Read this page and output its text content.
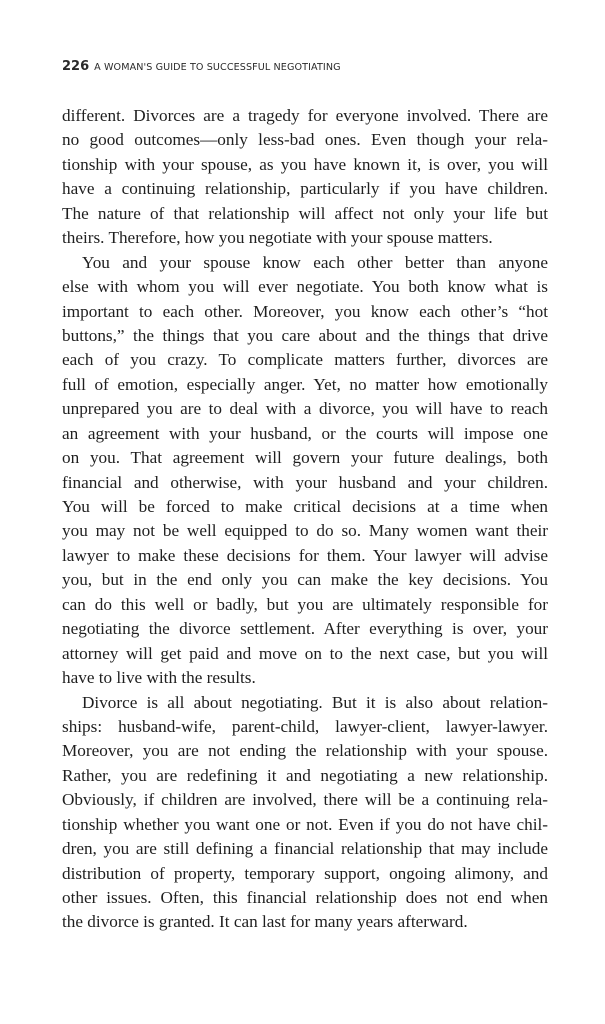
226 A WOMAN'S GUIDE TO SUCCESSFUL NEGOTIATING
different. Divorces are a tragedy for everyone involved. There are
no good outcomes—only less-bad ones. Even though your rela-
tionship with your spouse, as you have known it, is over, you will
have a continuing relationship, particularly if you have children.
The nature of that relationship will affect not only your life but
theirs. Therefore, how you negotiate with your spouse matters.
You and your spouse know each other better than anyone
else with whom you will ever negotiate. You both know what is
important to each other. Moreover, you know each other’s “hot
buttons,” the things that you care about and the things that drive
each of you crazy. To complicate matters further, divorces are
full of emotion, especially anger. Yet, no matter how emotionally
unprepared you are to deal with a divorce, you will have to reach
an agreement with your husband, or the courts will impose one
on you. That agreement will govern your future dealings, both
financial and otherwise, with your husband and your children.
You will be forced to make critical decisions at a time when
you may not be well equipped to do so. Many women want their
lawyer to make these decisions for them. Your lawyer will advise
you, but in the end only you can make the key decisions. You
can do this well or badly, but you are ultimately responsible for
negotiating the divorce settlement. After everything is over, your
attorney will get paid and move on to the next case, but you will
have to live with the results.
Divorce is all about negotiating. But it is also about relation-
ships: husband-wife, parent-child, lawyer-client, lawyer-lawyer.
Moreover, you are not ending the relationship with your spouse.
Rather, you are redefining it and negotiating a new relationship.
Obviously, if children are involved, there will be a continuing rela-
tionship whether you want one or not. Even if you do not have chil-
dren, you are still defining a financial relationship that may include
distribution of property, temporary support, ongoing alimony, and
other issues. Often, this financial relationship does not end when
the divorce is granted. It can last for many years afterward.
